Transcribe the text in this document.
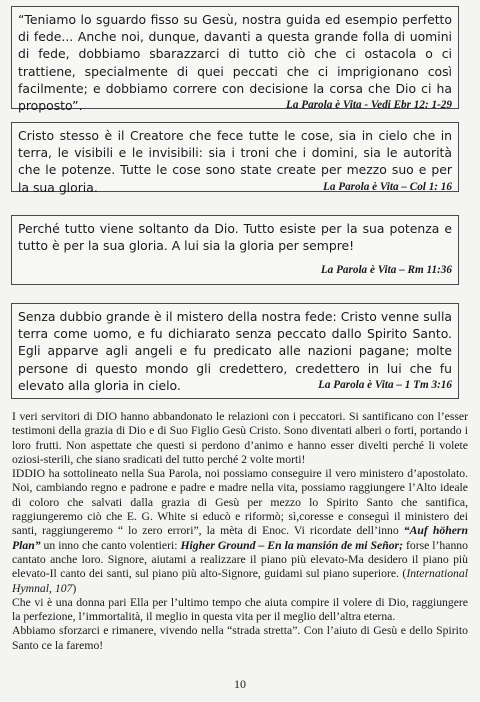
“Teniamo lo sguardo fisso su Gesù, nostra guida ed esempio perfetto di fede... Anche noi, dunque, davanti a questa grande folla di uomini di fede, dobbiamo sbarazzarci di tutto ciò che ci ostacola o ci trattiene, specialmente di quei peccati che ci imprigionano così facilmente; e dobbiamo correre con decisione la corsa che Dio ci ha proposto”.	La Parola è Vita - Vedi Ebr 12: 1-29
Cristo stesso è il Creatore che fece tutte le cose, sia in cielo che in terra, le visibili e le invisibili: sia i troni che i domini, sia le autorità che le potenze. Tutte le cose sono state create per mezzo suo e per la sua gloria.	La Parola è Vita – Col 1: 16
Perché tutto viene soltanto da Dio. Tutto esiste per la sua potenza e tutto è per la sua gloria. A lui sia la gloria per sempre!
La Parola è Vita – Rm 11:36
Senza dubbio grande è il mistero della nostra fede: Cristo venne sulla terra come uomo, e fu dichiarato senza peccato dallo Spirito Santo. Egli apparve agli angeli e fu predicato alle nazioni pagane; molte persone di questo mondo gli credettero, credettero in lui che fu elevato alla gloria in cielo.	La Parola è Vita – 1 Tm 3:16

I veri servitori di DIO hanno abbandonato le relazioni con i peccatori. Si santificano con l’esser testimoni della grazia di Dio e di Suo Figlio Gesù Cristo. Sono diventati alberi o forti, portando i loro frutti. Non aspettate che questi si perdono d’animo e hanno esser divelti perché li volete oziosi-sterili, che siano sradicati del tutto perché 2 volte morti!

IDDIO ha sottolineato nella Sua Parola, noi possiamo conseguire il vero ministero d’apostolato. Noi, cambiando regno e padrone e padre e madre nella vita, possiamo raggiungere l’Alto ideale di coloro che salvati dalla grazia di Gesù per mezzo lo Spirito Santo che santifica, raggiungeremo ciò che E. G. White si educò e riformò; sì,coresse e conseguì il ministero dei santi, raggiungeremo “ lo zero errori”, la mèta di Enoc. Vi ricordate dell’inno “Auf höhern Plan” un inno che canto volentieri: Higher Ground – En la mansión de mi Señor; forse l’hanno cantato anche loro. Signore, aiutami a realizzare il piano più elevato-Ma desidero il piano più elevato-Il canto dei santi, sul piano più alto-Signore, guidami sul piano superiore. (International Hymnal, 107)

Che vi è una donna pari Ella per l’ultimo tempo che aiuta compire il volere di Dio, raggiungere la perfezione, l’immortalità, il meglio in questa vita per il meglio dell’altra eterna.

Abbiamo sforzarci e rimanere, vivendo nella “strada stretta”. Con l’aiuto di Gesù e dello Spirito Santo ce la faremo!

10
